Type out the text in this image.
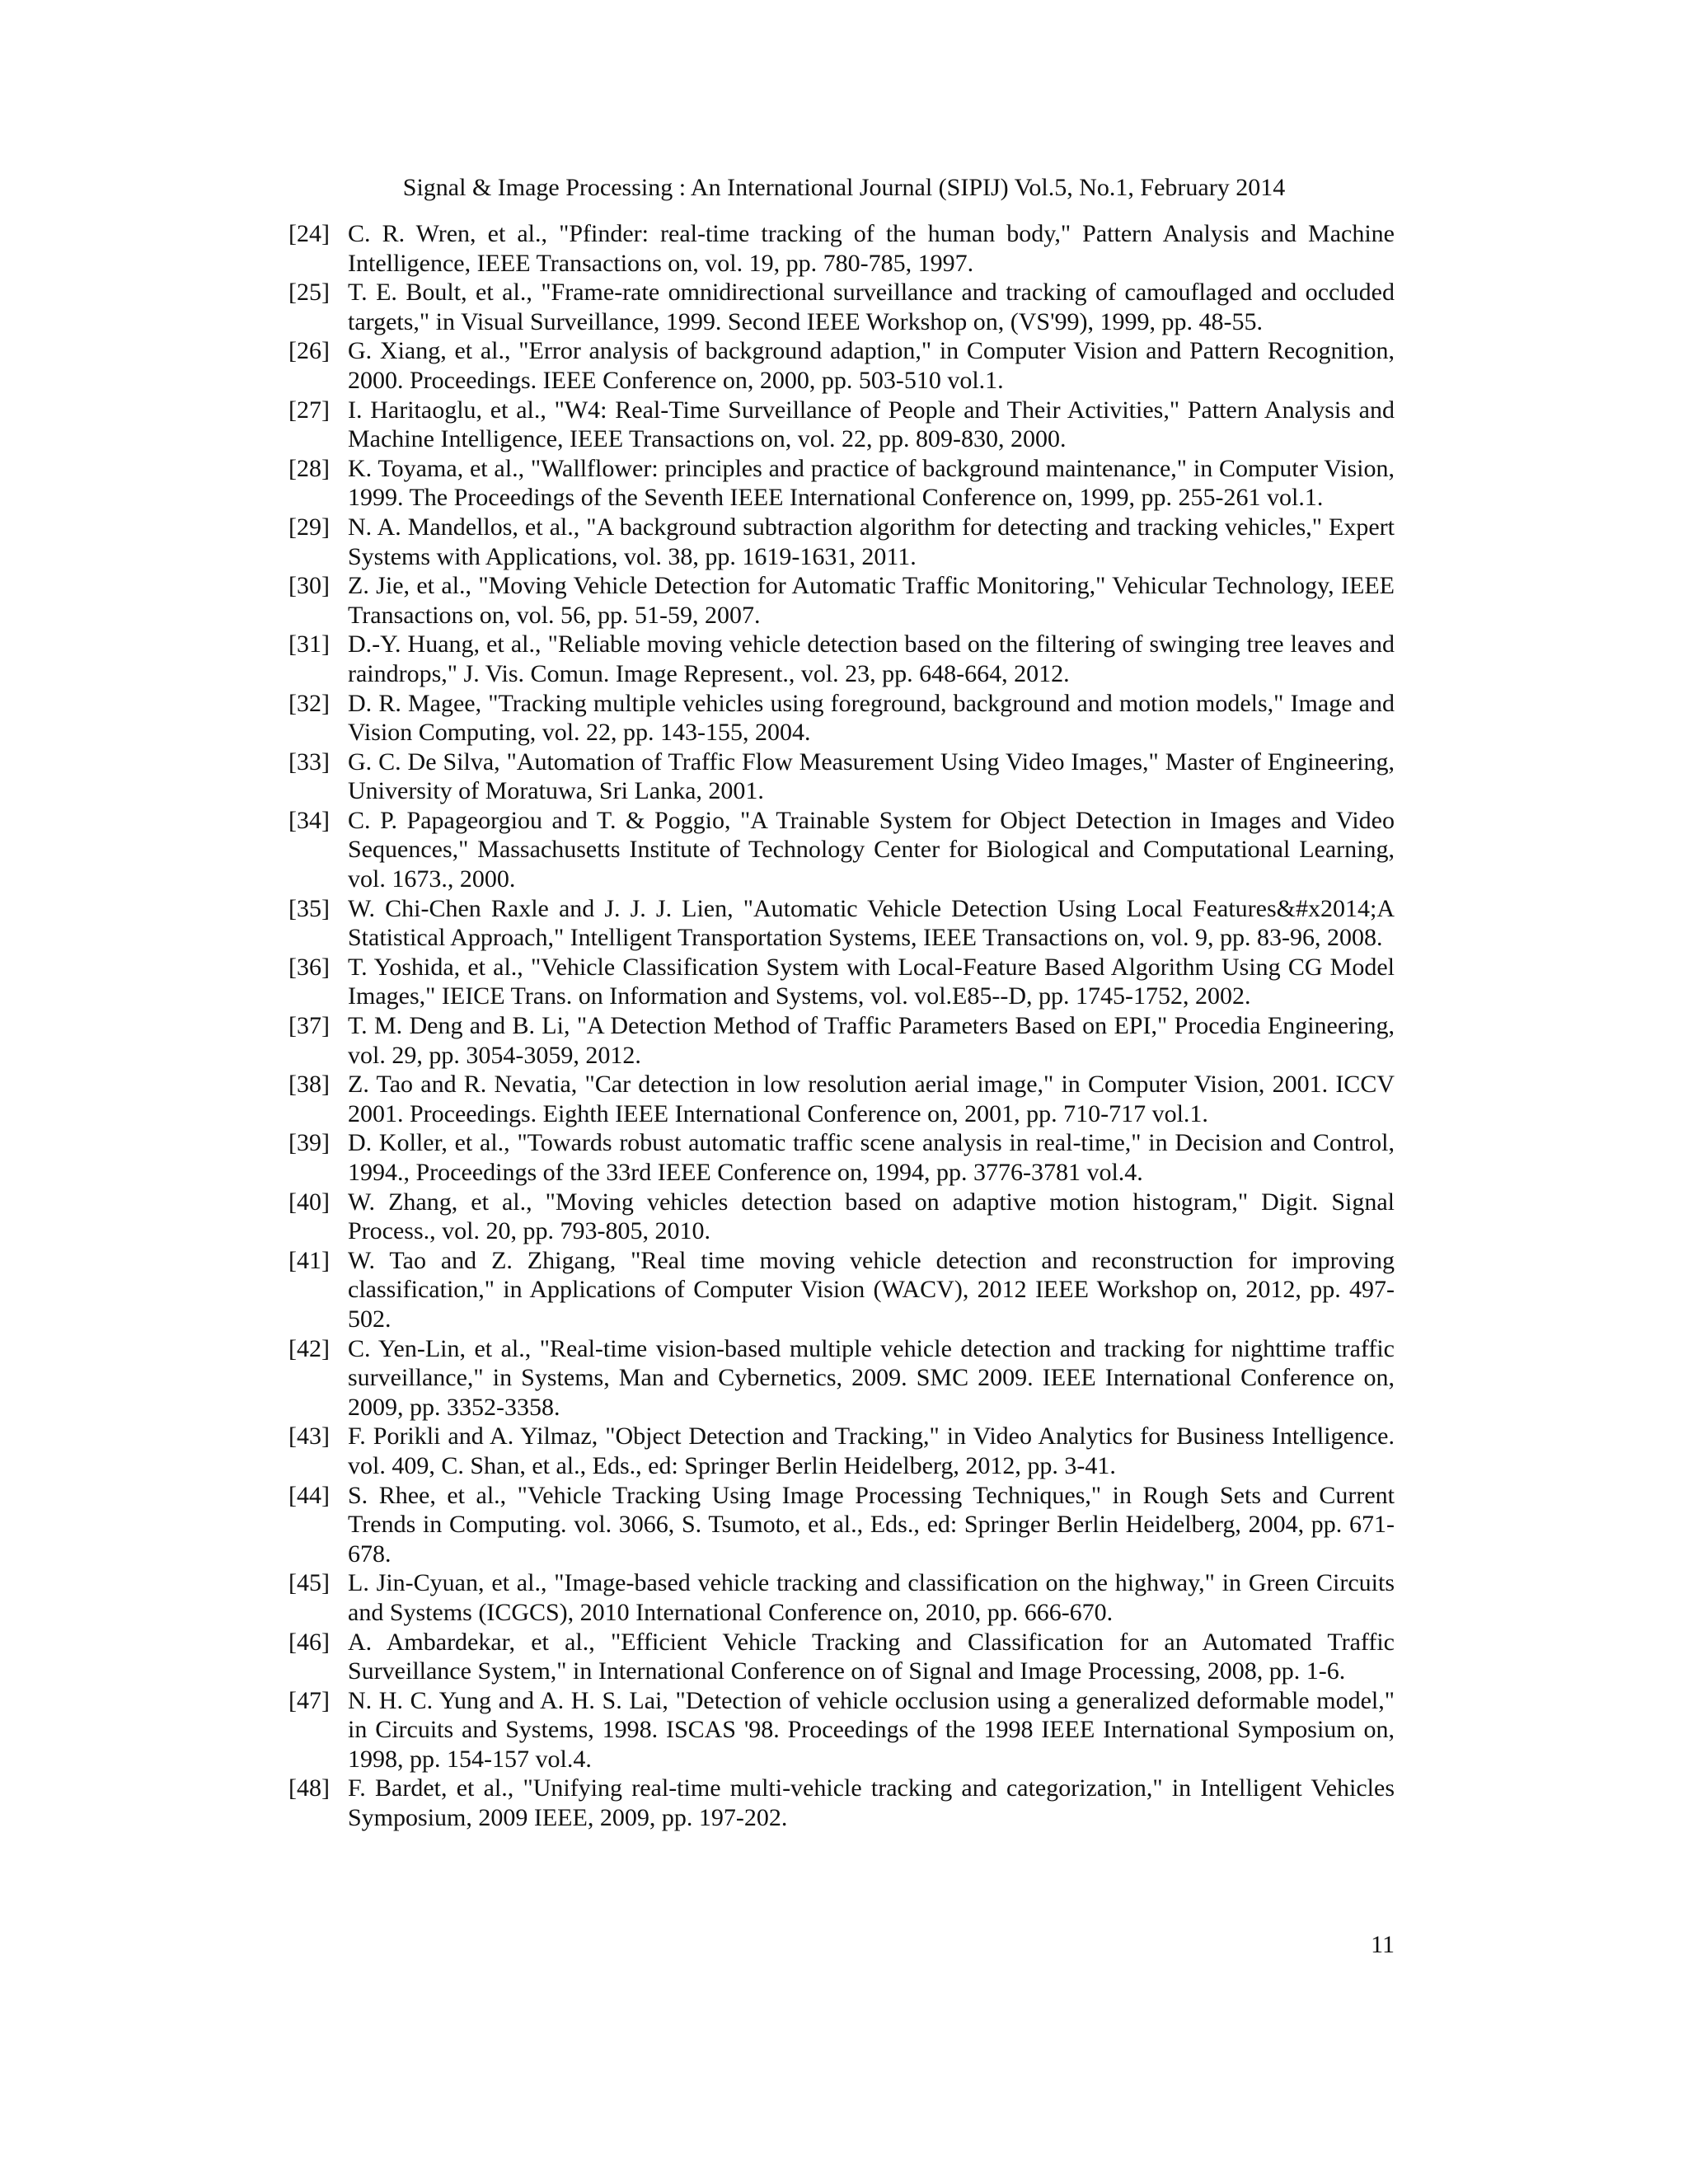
Signal & Image Processing : An International Journal (SIPIJ) Vol.5, No.1, February 2014

[24] C. R. Wren, et al., "Pfinder: real-time tracking of the human body," Pattern Analysis and Machine Intelligence, IEEE Transactions on, vol. 19, pp. 780-785, 1997.

[25] T. E. Boult, et al., "Frame-rate omnidirectional surveillance and tracking of camouflaged and occluded targets," in Visual Surveillance, 1999. Second IEEE Workshop on, (VS'99), 1999, pp. 48-55.

[26] G. Xiang, et al., "Error analysis of background adaption," in Computer Vision and Pattern Recognition, 2000. Proceedings. IEEE Conference on, 2000, pp. 503-510 vol.1.

[27] I. Haritaoglu, et al., "W4: Real-Time Surveillance of People and Their Activities," Pattern Analysis and Machine Intelligence, IEEE Transactions on, vol. 22, pp. 809-830, 2000.

[28] K. Toyama, et al., "Wallflower: principles and practice of background maintenance," in Computer Vision, 1999. The Proceedings of the Seventh IEEE International Conference on, 1999, pp. 255-261 vol.1.

[29] N. A. Mandellos, et al., "A background subtraction algorithm for detecting and tracking vehicles," Expert Systems with Applications, vol. 38, pp. 1619-1631, 2011.

[30] Z. Jie, et al., "Moving Vehicle Detection for Automatic Traffic Monitoring," Vehicular Technology, IEEE Transactions on, vol. 56, pp. 51-59, 2007.

[31] D.-Y. Huang, et al., "Reliable moving vehicle detection based on the filtering of swinging tree leaves and raindrops," J. Vis. Comun. Image Represent., vol. 23, pp. 648-664, 2012.

[32] D. R. Magee, "Tracking multiple vehicles using foreground, background and motion models," Image and Vision Computing, vol. 22, pp. 143-155, 2004.

[33] G. C. De Silva, "Automation of Traffic Flow Measurement Using Video Images," Master of Engineering, University of Moratuwa, Sri Lanka, 2001.

[34] C. P. Papageorgiou and T. & Poggio, "A Trainable System for Object Detection in Images and Video Sequences," Massachusetts Institute of Technology Center for Biological and Computational Learning, vol. 1673., 2000.

[35] W. Chi-Chen Raxle and J. J. J. Lien, "Automatic Vehicle Detection Using Local Features&#x2014;A Statistical Approach," Intelligent Transportation Systems, IEEE Transactions on, vol. 9, pp. 83-96, 2008.

[36] T. Yoshida, et al., "Vehicle Classification System with Local-Feature Based Algorithm Using CG Model Images," IEICE Trans. on Information and Systems, vol. vol.E85--D, pp. 1745-1752, 2002.

[37] T. M. Deng and B. Li, "A Detection Method of Traffic Parameters Based on EPI," Procedia Engineering, vol. 29, pp. 3054-3059, 2012.

[38] Z. Tao and R. Nevatia, "Car detection in low resolution aerial image," in Computer Vision, 2001. ICCV 2001. Proceedings. Eighth IEEE International Conference on, 2001, pp. 710-717 vol.1.

[39] D. Koller, et al., "Towards robust automatic traffic scene analysis in real-time," in Decision and Control, 1994., Proceedings of the 33rd IEEE Conference on, 1994, pp. 3776-3781 vol.4.

[40] W. Zhang, et al., "Moving vehicles detection based on adaptive motion histogram," Digit. Signal Process., vol. 20, pp. 793-805, 2010.

[41] W. Tao and Z. Zhigang, "Real time moving vehicle detection and reconstruction for improving classification," in Applications of Computer Vision (WACV), 2012 IEEE Workshop on, 2012, pp. 497-502.

[42] C. Yen-Lin, et al., "Real-time vision-based multiple vehicle detection and tracking for nighttime traffic surveillance," in Systems, Man and Cybernetics, 2009. SMC 2009. IEEE International Conference on, 2009, pp. 3352-3358.

[43] F. Porikli and A. Yilmaz, "Object Detection and Tracking," in Video Analytics for Business Intelligence. vol. 409, C. Shan, et al., Eds., ed: Springer Berlin Heidelberg, 2012, pp. 3-41.

[44] S. Rhee, et al., "Vehicle Tracking Using Image Processing Techniques," in Rough Sets and Current Trends in Computing. vol. 3066, S. Tsumoto, et al., Eds., ed: Springer Berlin Heidelberg, 2004, pp. 671-678.

[45] L. Jin-Cyuan, et al., "Image-based vehicle tracking and classification on the highway," in Green Circuits and Systems (ICGCS), 2010 International Conference on, 2010, pp. 666-670.

[46] A. Ambardekar, et al., "Efficient Vehicle Tracking and Classification for an Automated Traffic Surveillance System," in International Conference on of Signal and Image Processing, 2008, pp. 1-6.

[47] N. H. C. Yung and A. H. S. Lai, "Detection of vehicle occlusion using a generalized deformable model," in Circuits and Systems, 1998. ISCAS '98. Proceedings of the 1998 IEEE International Symposium on, 1998, pp. 154-157 vol.4.

[48] F. Bardet, et al., "Unifying real-time multi-vehicle tracking and categorization," in Intelligent Vehicles Symposium, 2009 IEEE, 2009, pp. 197-202.

11
